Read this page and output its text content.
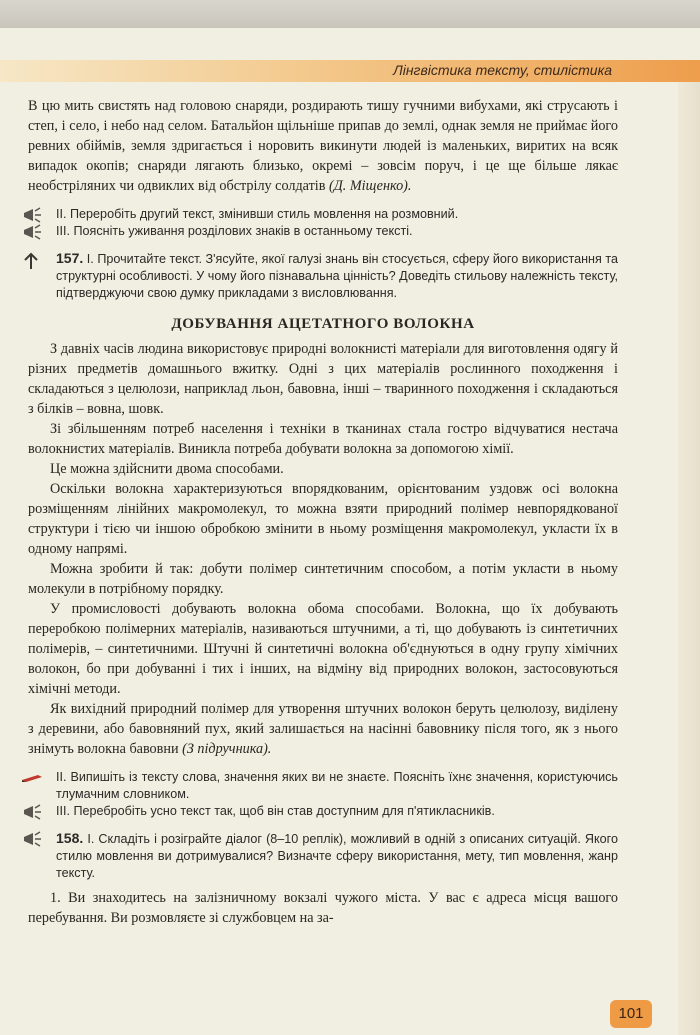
Лінгвістика тексту, стилістика

В цю мить свистять над головою снаряди, роздирають тишу гучними вибухами, які струсають і степ, і село, і небо над селом. Батальйон щільніше припав до землі, однак земля не приймає його ревних обіймів, земля здригається і норовить викинути людей із маленьких, виритих на всяк випадок окопів; снаряди лягають близько, окремі – зовсім поруч, і це ще більше лякає необстріляних чи одвиклих від обстрілу солдатів (Д. Міщенко).

II. Переробіть другий текст, змінивши стиль мовлення на розмовний.
III. Поясніть уживання розділових знаків в останньому тексті.
157. I. Прочитайте текст. З'ясуйте, якої галузі знань він стосується, сферу його використання та структурні особливості. У чому його пізнавальна цінність? Доведіть стильову належність тексту, підтверджуючи свою думку прикладами з висловлювання.
ДОБУВАННЯ АЦЕТАТНОГО ВОЛОКНА

З давніх часів людина використовує природні волокнисті матеріали для виготовлення одягу й різних предметів домашнього вжитку. Одні з цих матеріалів рослинного походження і складаються з целюлози, наприклад льон, бавовна, інші – тваринного походження і складаються з білків – вовна, шовк.

Зі збільшенням потреб населення і техніки в тканинах стала гостро відчуватися нестача волокнистих матеріалів. Виникла потреба добувати волокна за допомогою хімії.

Це можна здійснити двома способами.

Оскільки волокна характеризуються впорядкованим, орієнтованим уздовж осі волокна розміщенням лінійних макромолекул, то можна взяти природний полімер невпорядкованої структури і тією чи іншою обробкою змінити в ньому розміщення макромолекул, укласти їх в одному напрямі.

Можна зробити й так: добути полімер синтетичним способом, а потім укласти в ньому молекули в потрібному порядку.

У промисловості добувають волокна обома способами. Волокна, що їх добувають переробкою полімерних матеріалів, називаються штучними, а ті, що добувають із синтетичних полімерів, – синтетичними. Штучні й синтетичні волокна об'єднуються в одну групу хімічних волокон, бо при добуванні і тих і інших, на відміну від природних волокон, застосовуються хімічні методи.

Як вихідний природний полімер для утворення штучних волокон беруть целюлозу, виділену з деревини, або бавовняний пух, який залишається на насінні бавовнику після того, як з нього знімуть волокна бавовни (З підручника).

II. Випишіть із тексту слова, значення яких ви не знаєте. Поясніть їхнє значення, користуючись тлумачним словником.
III. Перебробіть усно текст так, щоб він став доступним для п'ятикласників.
158. I. Складіть і розіграйте діалог (8–10 реплік), можливий в одній з описаних ситуацій. Якого стилю мовлення ви дотримувалися? Визначте сферу використання, мету, тип мовлення, жанр тексту.

1. Ви знаходитесь на залізничному вокзалі чужого міста. У вас є адреса місця вашого перебування. Ви розмовляєте зі службовцем на за-

101
